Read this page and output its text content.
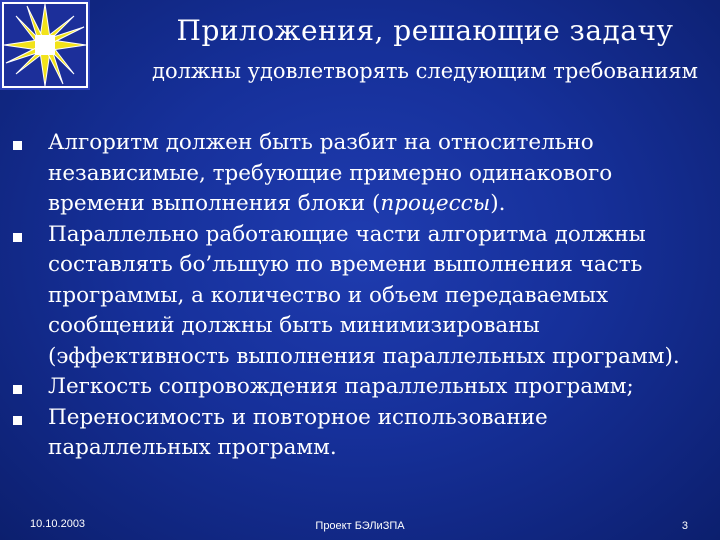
Приложения, решающие задачу
должны удовлетворять следующим требованиям
Алгоритм должен быть разбит на относительно независимые, требующие примерно одинакового времени выполнения блоки (процессы).
Параллельно работающие части алгоритма должны составлять бо’льшую по времени выполнения часть программы, а количество и объем передаваемых сообщений должны быть минимизированы (эффективность выполнения параллельных программ).
Легкость сопровождения параллельных программ;
Переносимость и повторное использование параллельных программ.
10.10.2003	Проект БЭЛиЗПА	3
